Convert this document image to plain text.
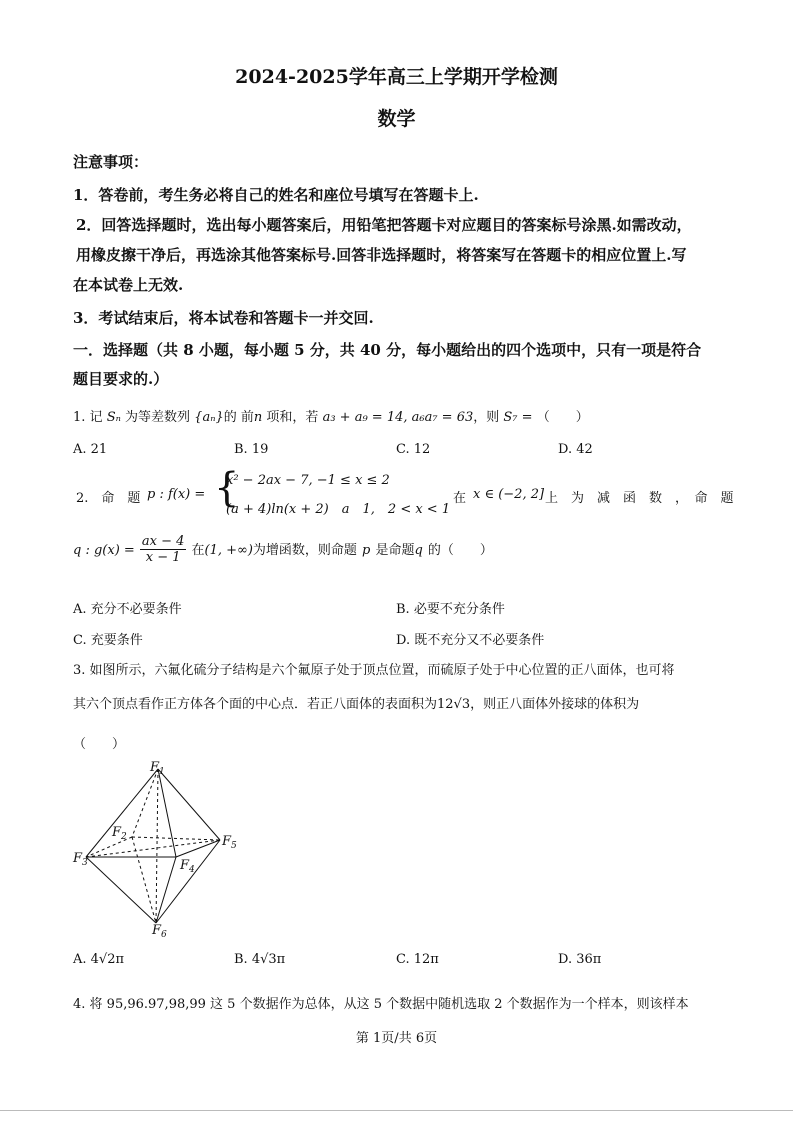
2024-2025学年高三上学期开学检测
数学
注意事项：
1．答卷前，考生务必将自己的姓名和座位号填写在答题卡上.
2．回答选择题时，选出每小题答案后，用铅笔把答题卡对应题目的答案标号涂黑.如需改动，
用橡皮擦干净后，再选涂其他答案标号.回答非选择题时，将答案写在答题卡的相应位置上.写
在本试卷上无效.
3．考试结束后，将本试卷和答题卡一并交回.
一．选择题（共 8 小题，每小题 5 分，共 40 分，每小题给出的四个选项中，只有一项是符合
题目要求的.）
1. 记 Sₙ 为等差数列 {aₙ}的 前n 项和，若 a₃ + a₉ = 14, a₆a₇ = 63，则 S₇ = （　　）
A. 21	B. 19	C. 12	D. 42
2.　命　题 p : f(x) = {
x² − 2ax − 7, −1 ≤ x ≤ 2
(a + 4)ln(x + 2)　a　1,　2 < x < 1
在 x ∈ (−2, 2] 上　为　减　函　数　，　命　题
q : $g(x) = \frac{ax - 4}{x - 1}$ 在(1, +∞)为增函数，则命题 p 是命题q 的（　　）
A. 充分不必要条件	B. 必要不充分条件
C. 充要条件	D. 既不充分又不必要条件
3. 如图所示，六氟化硫分子结构是六个氟原子处于顶点位置，而硫原子处于中心位置的正八面体，也可将
其六个顶点看作正方体各个面的中心点．若正八面体的表面积为12√3，则正八面体外接球的体积为
（　　）
$F_1$
$F_2$
$F_3$	$F_4$
$F_5$
$F_6$
A. 4√2π	B. 4√3π	C. 12π	D. 36π
4. 将 95,96.97,98,99 这 5 个数据作为总体，从这 5 个数据中随机选取 2 个数据作为一个样本，则该样本
第 1页/共 6页
